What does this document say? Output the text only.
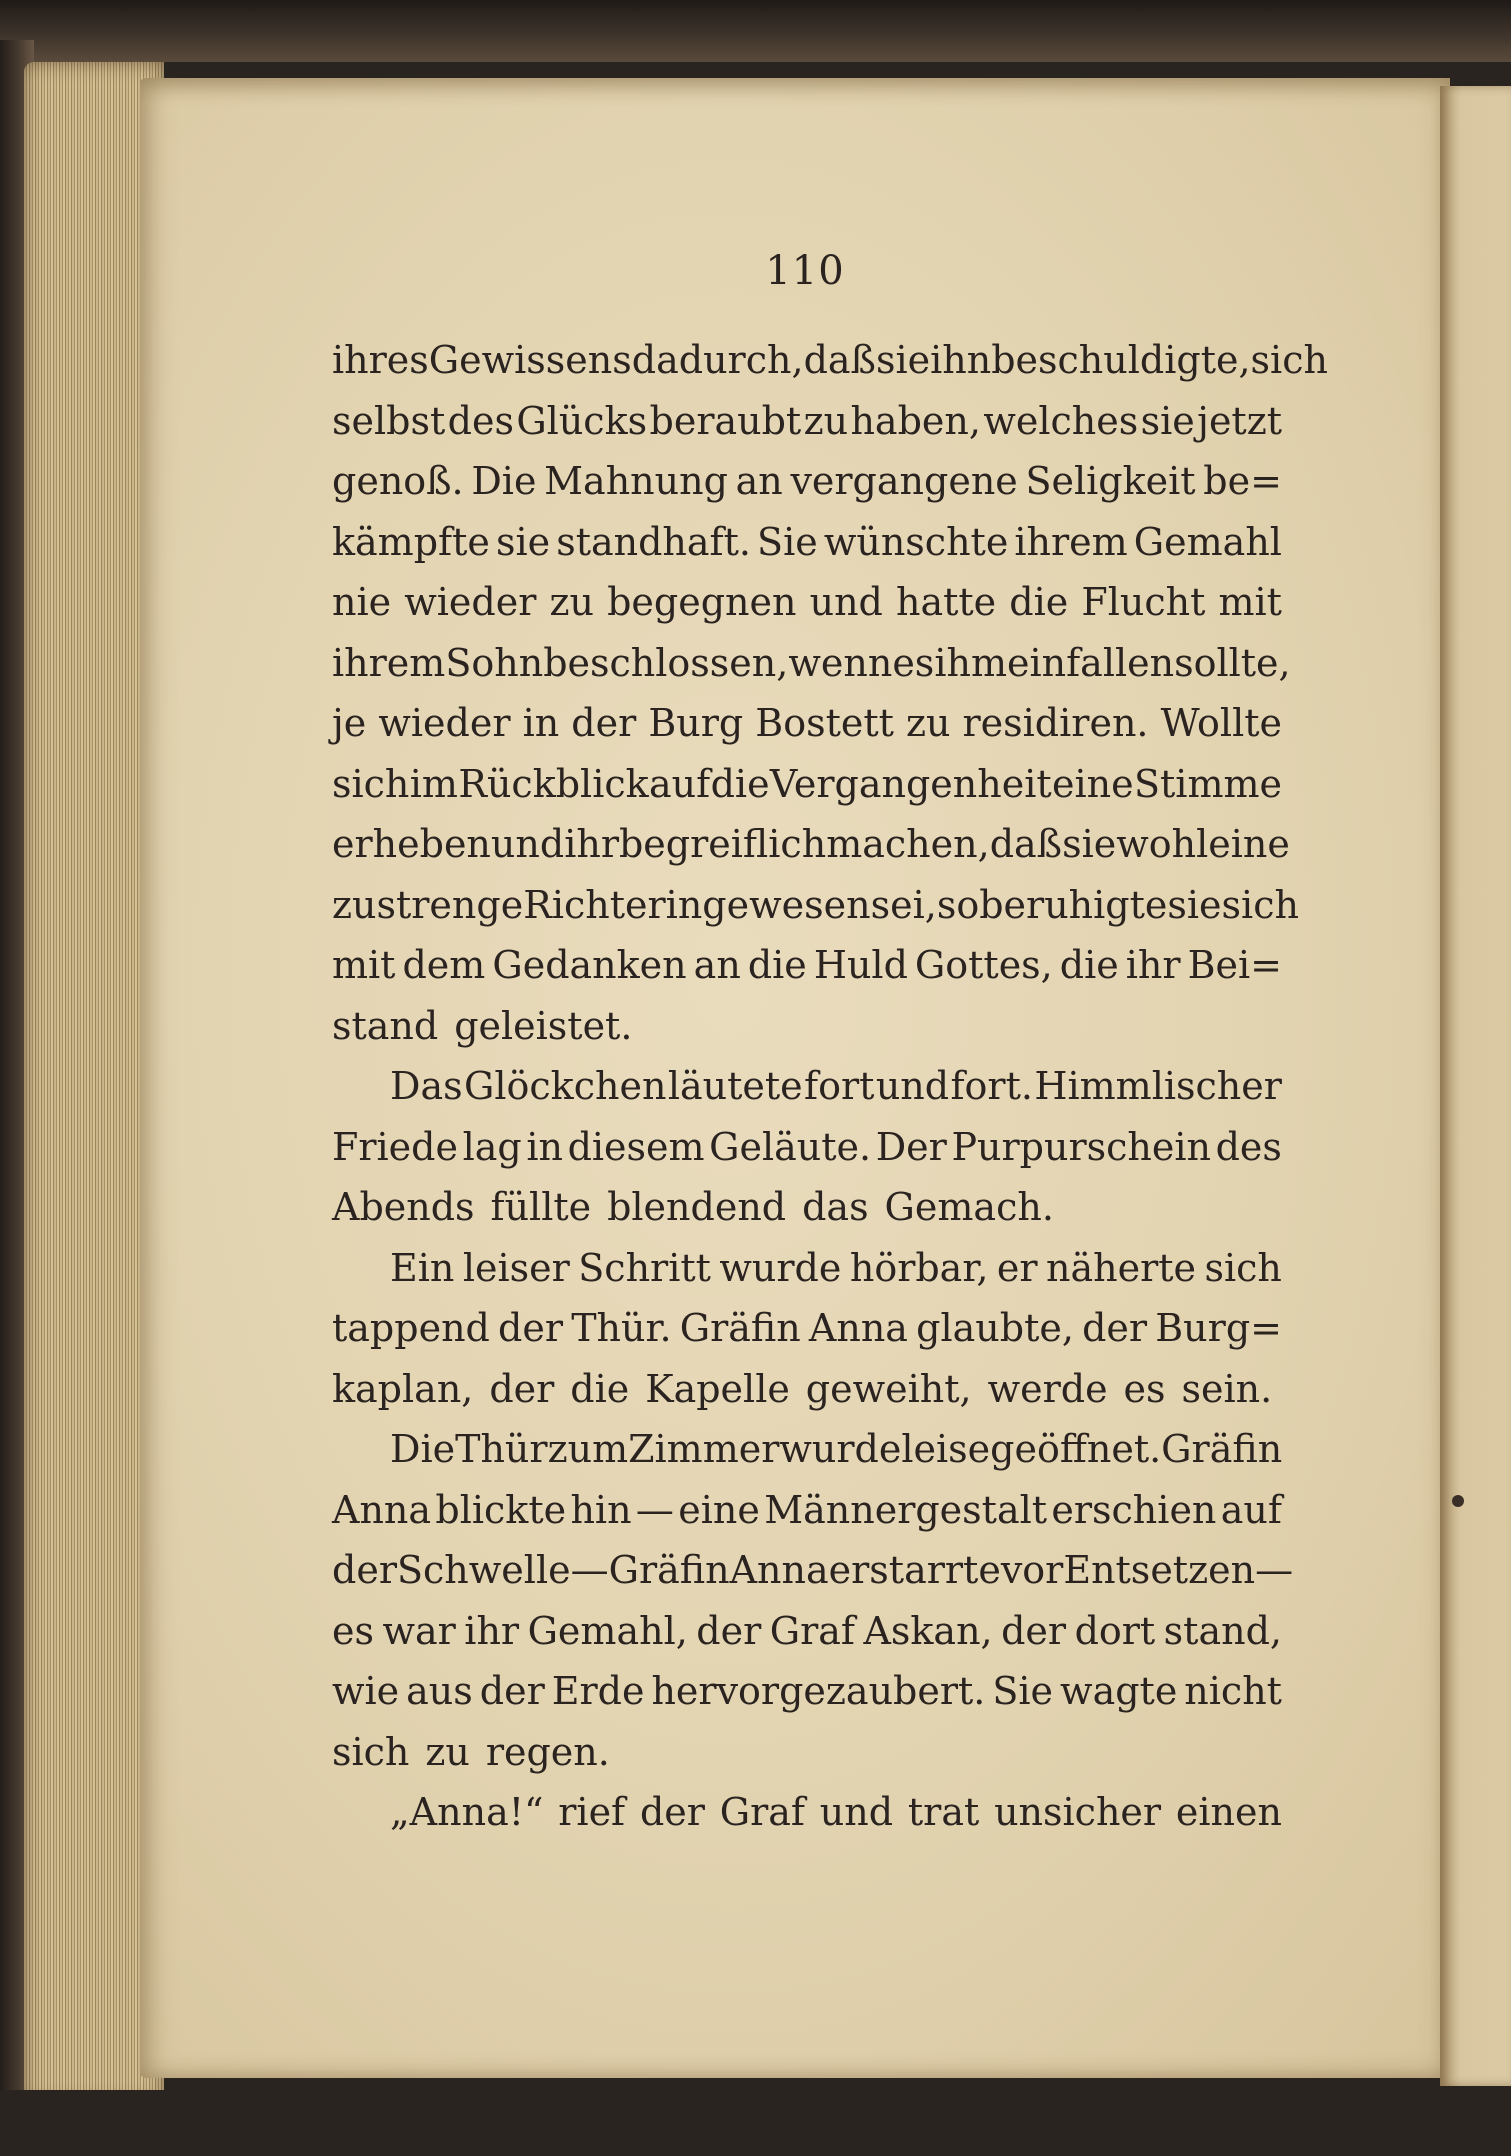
110
ihres Gewissens dadurch, daß sie ihn beschuldigte, sich
selbst des Glücks beraubt zu haben, welches sie jetzt
genoß. Die Mahnung an vergangene Seligkeit be=
kämpfte sie standhaft. Sie wünschte ihrem Gemahl
nie wieder zu begegnen und hatte die Flucht mit
ihrem Sohn beschlossen, wenn es ihm einfallen sollte,
je wieder in der Burg Bostett zu residiren. Wollte
sich im Rückblick auf die Vergangenheit eine Stimme
erheben und ihr begreiflich machen, daß sie wohl eine
zu strenge Richterin gewesen sei, so beruhigte sie sich
mit dem Gedanken an die Huld Gottes, die ihr Bei=
stand geleistet.
Das Glöckchen läutete fort und fort. Himmlischer
Friede lag in diesem Geläute. Der Purpurschein des
Abends füllte blendend das Gemach.
Ein leiser Schritt wurde hörbar, er näherte sich
tappend der Thür. Gräfin Anna glaubte, der Burg=
kaplan, der die Kapelle geweiht, werde es sein.
Die Thür zum Zimmer wurde leise geöffnet. Gräfin
Anna blickte hin — eine Männergestalt erschien auf
der Schwelle — Gräfin Anna erstarrte vor Entsetzen —
es war ihr Gemahl, der Graf Askan, der dort stand,
wie aus der Erde hervorgezaubert. Sie wagte nicht
sich zu regen.
„Anna!“ rief der Graf und trat unsicher einen
